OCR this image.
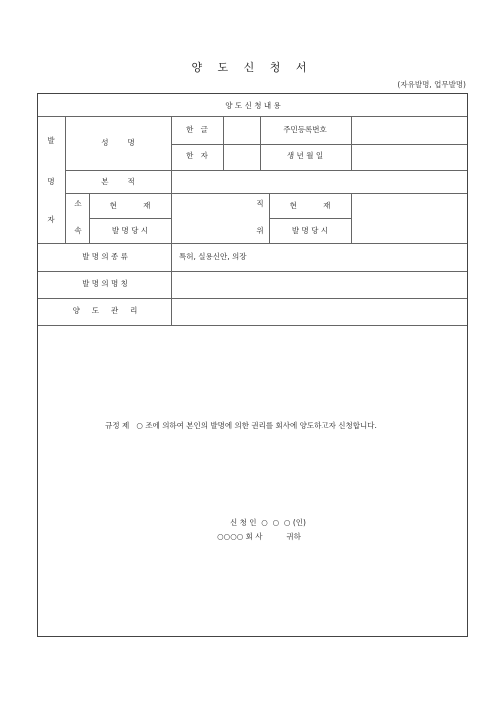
양 도 신 청 서
(자유발명, 업무발명)
양 도 신 청 내 용
발
명
자
성        명
한   글
한   자
주민등록번호
생 년 월 일
본        적
소
속
현           재
발 명 당 시
직
위
현           재
발 명 당 시
발 명 의 종 류	특허, 실용신안, 의장
발 명 의 명 칭
양     도     관     리
규정 제   ○ 조에 의하여 본인의 발명에 의한 권리를 회사에 양도하고자 신청합니다.
신 청 인  ○  ○  ○ (인)
○○○○ 회 사          귀하
